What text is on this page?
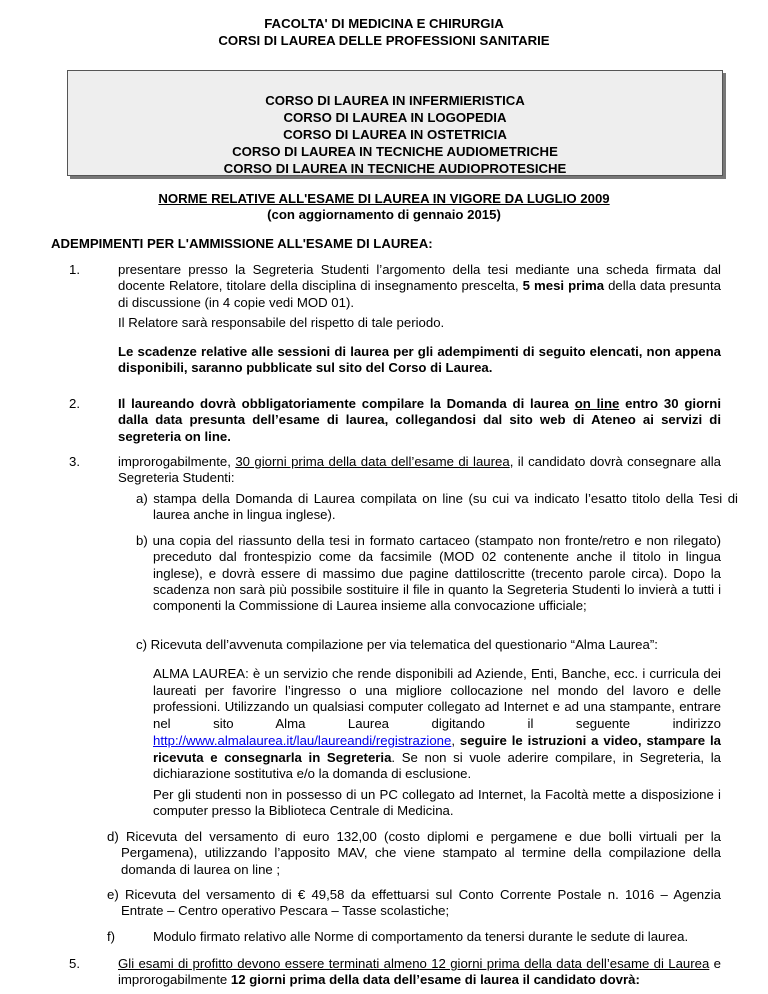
FACOLTA' DI MEDICINA E CHIRURGIA
CORSI DI LAUREA DELLE PROFESSIONI SANITARIE
CORSO DI LAUREA IN INFERMIERISTICA
CORSO DI LAUREA IN LOGOPEDIA
CORSO DI LAUREA IN OSTETRICIA
CORSO DI LAUREA IN TECNICHE AUDIOMETRICHE
CORSO DI LAUREA IN TECNICHE AUDIOPROTESICHE
NORME RELATIVE ALL'ESAME DI LAUREA IN VIGORE DA LUGLIO 2009
(con aggiornamento di gennaio 2015)
ADEMPIMENTI PER L'AMMISSIONE ALL'ESAME DI LAUREA:
1.	presentare presso la Segreteria Studenti l’argomento della tesi mediante una scheda firmata dal docente Relatore, titolare della disciplina di insegnamento prescelta, 5 mesi prima della data presunta di discussione (in 4 copie vedi MOD 01).
Il Relatore sarà responsabile del rispetto di tale periodo.
Le scadenze relative alle sessioni di laurea per gli adempimenti di seguito elencati, non appena disponibili, saranno pubblicate sul sito del Corso di Laurea.
2.	Il laureando dovrà obbligatoriamente compilare la Domanda di laurea on line entro 30 giorni dalla data presunta dell’esame di laurea, collegandosi dal sito web di Ateneo ai servizi di segreteria on line.
3.	improrogabilmente, 30 giorni prima della data dell’esame di laurea, il candidato dovrà consegnare alla Segreteria Studenti:
a) stampa della Domanda di Laurea compilata on line (su cui va indicato l’esatto titolo della Tesi di laurea anche in lingua inglese).
b) una copia del riassunto della tesi in formato cartaceo (stampato non fronte/retro e non rilegato) preceduto dal frontespizio come da facsimile (MOD 02 contenente anche il titolo in lingua inglese), e dovrà essere di massimo due pagine dattiloscritte (trecento parole circa). Dopo la scadenza non sarà più possibile sostituire il file in quanto la Segreteria Studenti lo invierà a tutti i componenti la Commissione di Laurea insieme alla convocazione ufficiale;
c) Ricevuta dell’avvenuta compilazione per via telematica del questionario “Alma Laurea”:
ALMA LAUREA: è un servizio che rende disponibili ad Aziende, Enti, Banche, ecc. i curricula dei laureati per favorire l’ingresso o una migliore collocazione nel mondo del lavoro e delle professioni. Utilizzando un qualsiasi computer collegato ad Internet e ad una stampante, entrare nel sito Alma Laurea digitando il seguente indirizzo http://www.almalaurea.it/lau/laureandi/registrazione, seguire le istruzioni a video, stampare la ricevuta e consegnarla in Segreteria. Se non si vuole aderire compilare, in Segreteria, la dichiarazione sostitutiva e/o la domanda di esclusione.
Per gli studenti non in possesso di un PC collegato ad Internet, la Facoltà mette a disposizione i computer presso la Biblioteca Centrale di Medicina.
d) Ricevuta del versamento di euro 132,00 (costo diplomi e pergamene e due bolli virtuali per la Pergamena), utilizzando l’apposito MAV, che viene stampato al termine della compilazione della domanda di laurea on line ;
e) Ricevuta del versamento di € 49,58 da effettuarsi sul Conto Corrente Postale n. 1016 – Agenzia Entrate – Centro operativo Pescara – Tasse scolastiche;
f)	Modulo firmato relativo alle Norme di comportamento da tenersi durante le sedute di laurea.
5.	Gli esami di profitto devono essere terminati almeno 12 giorni prima della data dell’esame di Laurea e improrogabilmente 12 giorni prima della data dell’esame di laurea il candidato dovrà:
